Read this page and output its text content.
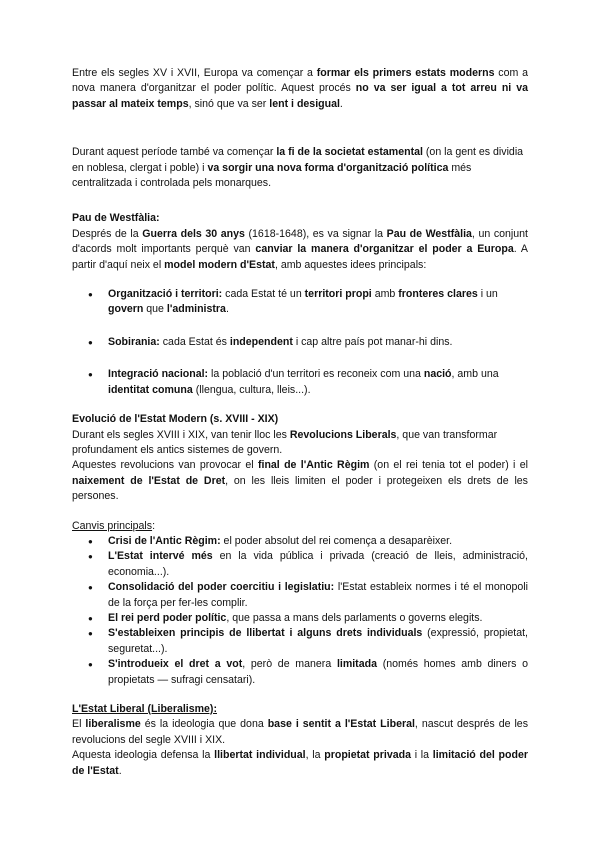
Entre els segles XV i XVII, Europa va començar a formar els primers estats moderns com a nova manera d'organitzar el poder polític. Aquest procés no va ser igual a tot arreu ni va passar al mateix temps, sinó que va ser lent i desigual.

Durant aquest període també va començar la fi de la societat estamental (on la gent es dividia en noblesa, clergat i poble) i va sorgir una nova forma d'organització política més centralitzada i controlada pels monarques.

Pau de Westfàlia:

Després de la Guerra dels 30 anys (1618-1648), es va signar la Pau de Westfàlia, un conjunt d'acords molt importants perquè van canviar la manera d'organitzar el poder a Europa. A partir d'aquí neix el model modern d'Estat, amb aquestes idees principals:

● Organització i territori: cada Estat té un territori propi amb fronteres clares i un govern que l'administra.
● Sobirania: cada Estat és independent i cap altre país pot manar-hi dins.
● Integració nacional: la població d'un territori es reconeix com una nació, amb una identitat comuna (llengua, cultura, lleis...).

Evolució de l'Estat Modern (s. XVIII - XIX)

Durant els segles XVIII i XIX, van tenir lloc les Revolucions Liberals, que van transformar profundament els antics sistemes de govern.

Aquestes revolucions van provocar el final de l'Antic Règim (on el rei tenia tot el poder) i el naixement de l'Estat de Dret, on les lleis limiten el poder i protegeixen els drets de les persones.

Canvis principals:

● Crisi de l'Antic Règim: el poder absolut del rei comença a desaparèixer.
● L'Estat intervé més en la vida pública i privada (creació de lleis, administració, economia...).
● Consolidació del poder coercitiu i legislatiu: l'Estat estableix normes i té el monopoli de la força per fer-les complir.
● El rei perd poder polític, que passa a mans dels parlaments o governs elegits.
● S'estableixen principis de llibertat i alguns drets individuals (expressió, propietat, seguretat...).
● S'introdueix el dret a vot, però de manera limitada (només homes amb diners o propietats — sufragi censatari).

L'Estat Liberal (Liberalisme):

El liberalisme és la ideologia que dona base i sentit a l'Estat Liberal, nascut després de les revolucions del segle XVIII i XIX.

Aquesta ideologia defensa la llibertat individual, la propietat privada i la limitació del poder de l'Estat.
